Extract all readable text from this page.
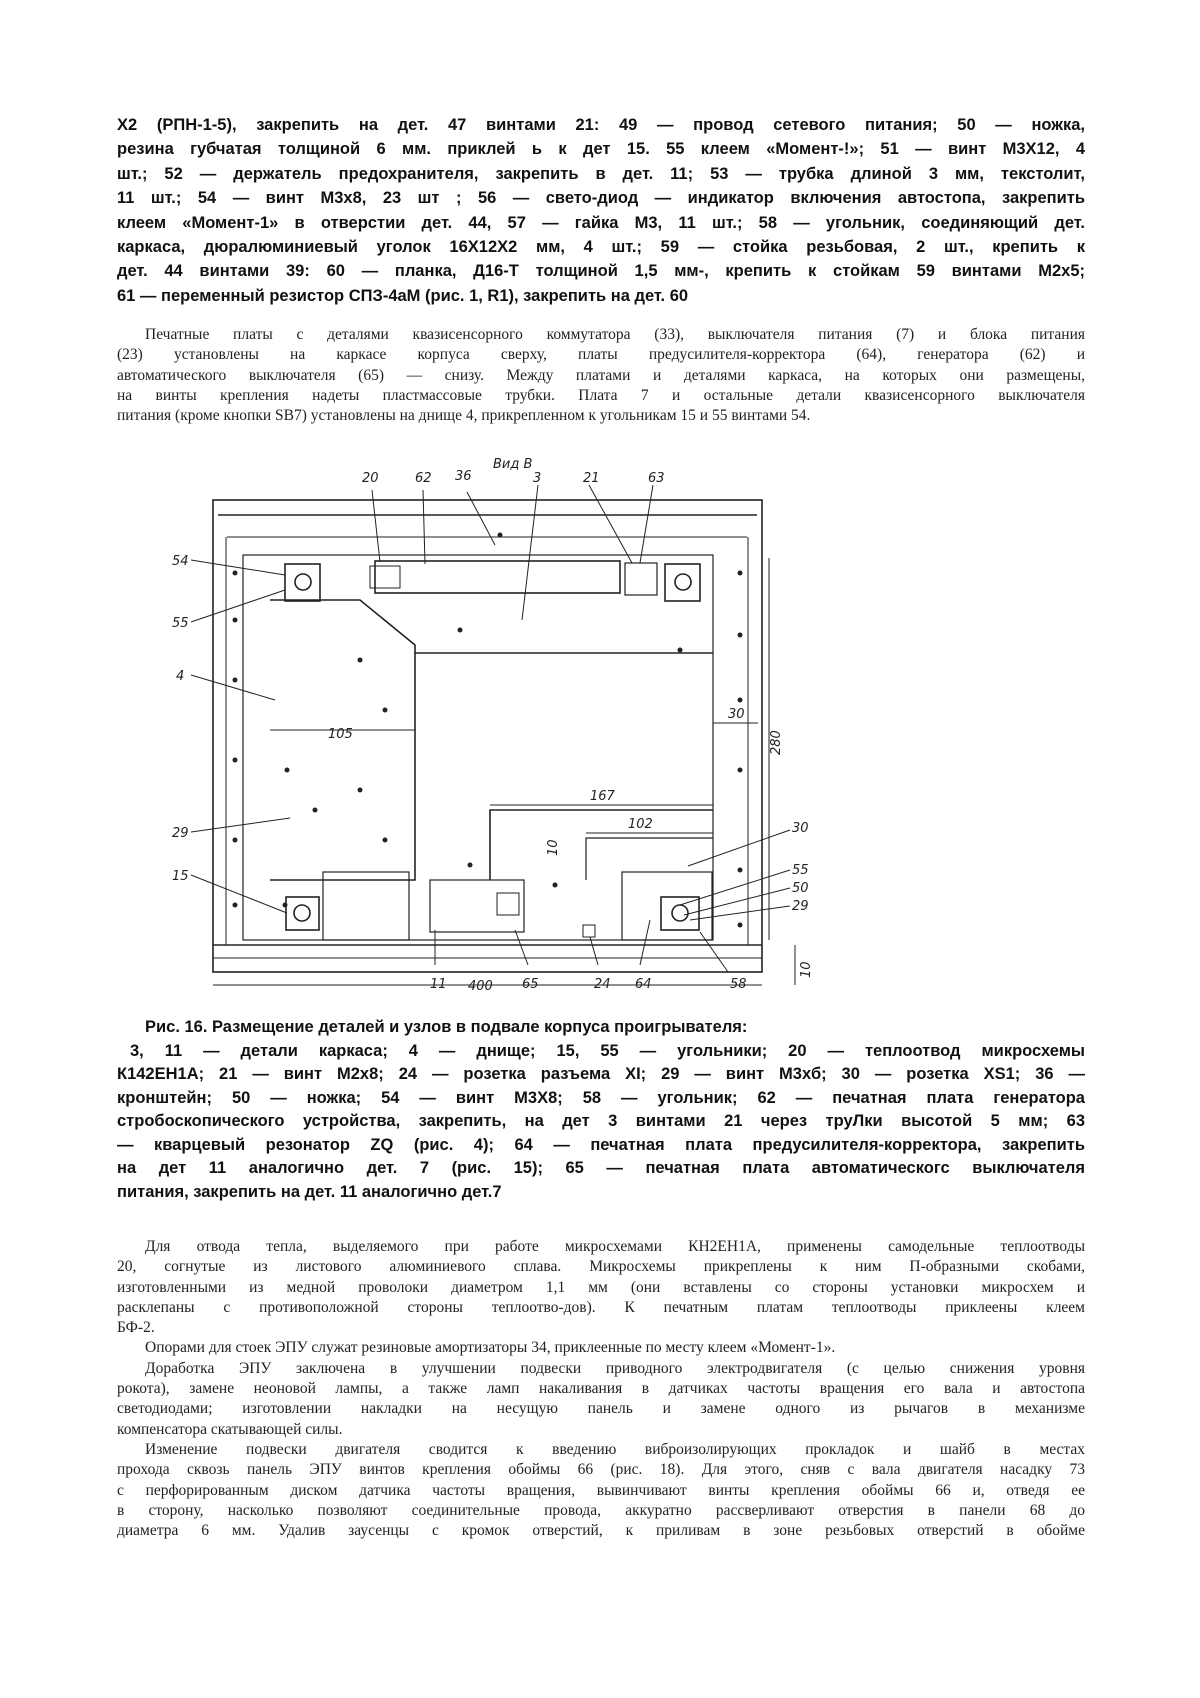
X2 (РПН-1-5), закрепить на дет. 47 винтами 21: 49 — провод сетевого питания; 50 — ножка,
резина губчатая толщиной 6 мм. приклей ь к дет 15. 55 клеем «Момент-!»; 51 — винт М3Х12, 4
шт.; 52 — держатель предохранителя, закрепить в дет. 11; 53 — трубка длиной 3 мм, текстолит,
11 шт.; 54 — винт М3х8, 23 шт ; 56 — свето-диод — индикатор включения автостопа, закрепить
клеем «Момент-1» в отверстии дет. 44, 57 — гайка М3, 11 шт.; 58 — угольник, соединяющий дет.
каркаса, дюралюминиевый уголок 16Х12Х2 мм, 4 шт.; 59 — стойка резьбовая, 2 шт., крепить к
дет. 44 винтами 39: 60 — планка, Д16-Т толщиной 1,5 мм-, крепить к стойкам 59 винтами М2х5;
61 — переменный резистор СПЗ-4аМ (рис. 1, R1), закрепить на дет. 60
Печатные платы с деталями квазисенсорного коммутатора (33), выключателя питания (7) и блока питания
(23) установлены на каркасе корпуса сверху, платы предусилителя-корректора (64), генератора (62) и
автоматического выключателя (65) — снизу. Между платами и деталями каркаса, на которых они размещены,
на винты крепления надеты пластмассовые трубки. Плата 7 и остальные детали квазисенсорного выключателя
питания (кроме кнопки SB7) установлены на днище 4, прикрепленном к угольникам 15 и 55 винтами 54.
20	62 36	3	21	63
54
55
4
29
15
30
55
50
29
58
11	65	24 64
Вид В
105
30
280
167
102
10
10
400
Рис. 16. Размещение деталей и узлов в подвале корпуса проигрывателя:
3, 11 — детали каркаса; 4 — днище; 15, 55 — угольники; 20 — теплоотвод микросхемы
К142ЕН1А; 21 — винт М2х8; 24 — розетка разъема XI; 29 — винт М3хб; 30 — розетка XS1; 36 —
кронштейн; 50 — ножка; 54 — винт М3Х8; 58 — угольник; 62 — печатная плата генератора
стробоскопического устройства, закрепить, на дет 3 винтами 21 через труЛки высотой 5 мм; 63
— кварцевый резонатор ZQ (рис. 4); 64 — печатная плата предусилителя-корректора, закрепить
на дет 11 аналогично дет. 7 (рис. 15); 65 — печатная плата автоматическогс выключателя
питания, закрепить на дет. 11 аналогично дет.7
Для отвода тепла, выделяемого при работе микросхемами КН2ЕН1А, применены самодельные теплоотводы
20, согнутые из листового алюминиевого сплава. Микросхемы прикреплены к ним П-образными скобами,
изготовленными из медной проволоки диаметром 1,1 мм (они вставлены со стороны установки микросхем и
расклепаны с противоположной стороны теплоотво-дов). К печатным платам теплоотводы приклеены клеем
БФ-2.
Опорами для стоек ЭПУ служат резиновые амортизаторы 34, приклеенные по месту клеем «Момент-1».
Доработка ЭПУ заключена в улучшении подвески приводного электродвигателя (с целью снижения уровня
рокота), замене неоновой лампы, а также ламп накаливания в датчиках частоты вращения его вала и автостопа
светодиодами; изготовлении накладки на несущую панель и замене одного из рычагов в механизме
компенсатора скатывающей силы.
Изменение подвески двигателя сводится к введению виброизолирующих прокладок и шайб в местах
прохода сквозь панель ЭПУ винтов крепления обоймы 66 (рис. 18). Для этого, сняв с вала двигателя насадку 73
с перфорированным диском датчика частоты вращения, вывинчивают винты крепления обоймы 66 и, отведя ее
в сторону, насколько позволяют соединительные провода, аккуратно рассверливают отверстия в панели 68 до
диаметра 6 мм. Удалив заусенцы с кромок отверстий, к приливам в зоне резьбовых отверстий в обойме
